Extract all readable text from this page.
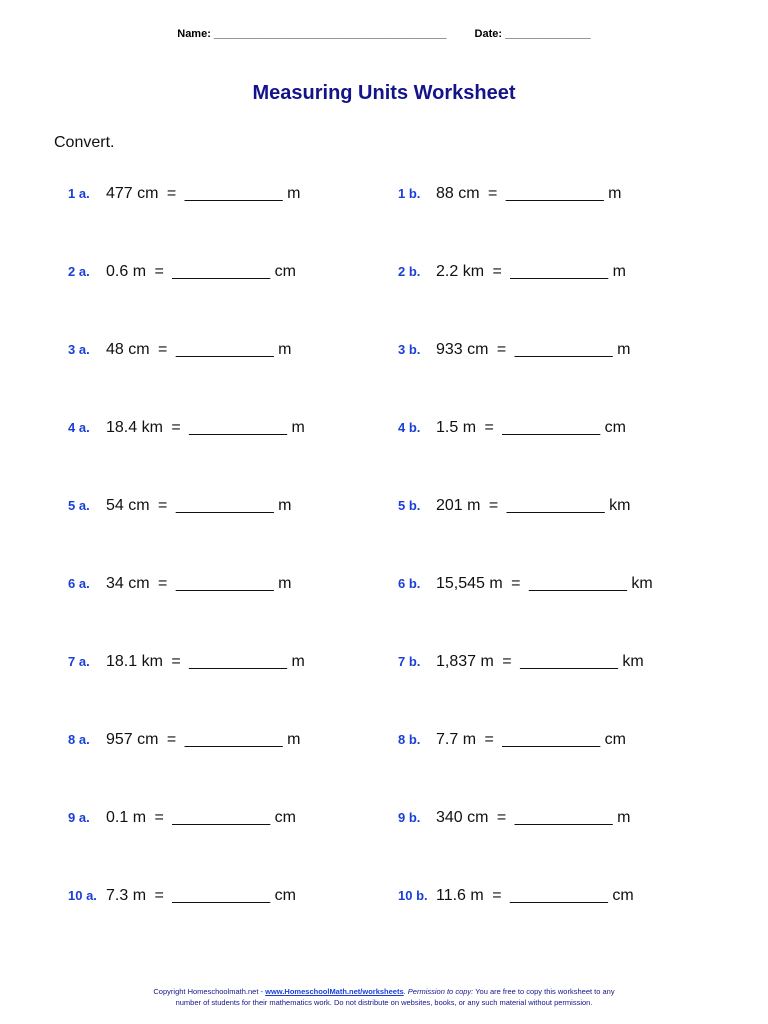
Name: ______________________________________	Date: ______________
Measuring Units Worksheet
Convert.
1 a. 477 cm = ___________ m	1 b. 88 cm = ___________ m
2 a. 0.6 m = ___________ cm	2 b. 2.2 km = ___________ m
3 a. 48 cm = ___________ m	3 b. 933 cm = ___________ m
4 a. 18.4 km = ___________ m	4 b. 1.5 m = ___________ cm
5 a. 54 cm = ___________ m	5 b. 201 m = ___________ km
6 a. 34 cm = ___________ m	6 b. 15,545 m = ___________ km
7 a. 18.1 km = ___________ m	7 b. 1,837 m = ___________ km
8 a. 957 cm = ___________ m	8 b. 7.7 m = ___________ cm
9 a. 0.1 m = ___________ cm	9 b. 340 cm = ___________ m
10 a. 7.3 m = ___________ cm	10 b. 11.6 m = ___________ cm
Copyright Homeschoolmath.net - www.HomeschoolMath.net/worksheets. Permission to copy: You are free to copy this worksheet to any
number of students for their mathematics work. Do not distribute on websites, books, or any such material without permission.
